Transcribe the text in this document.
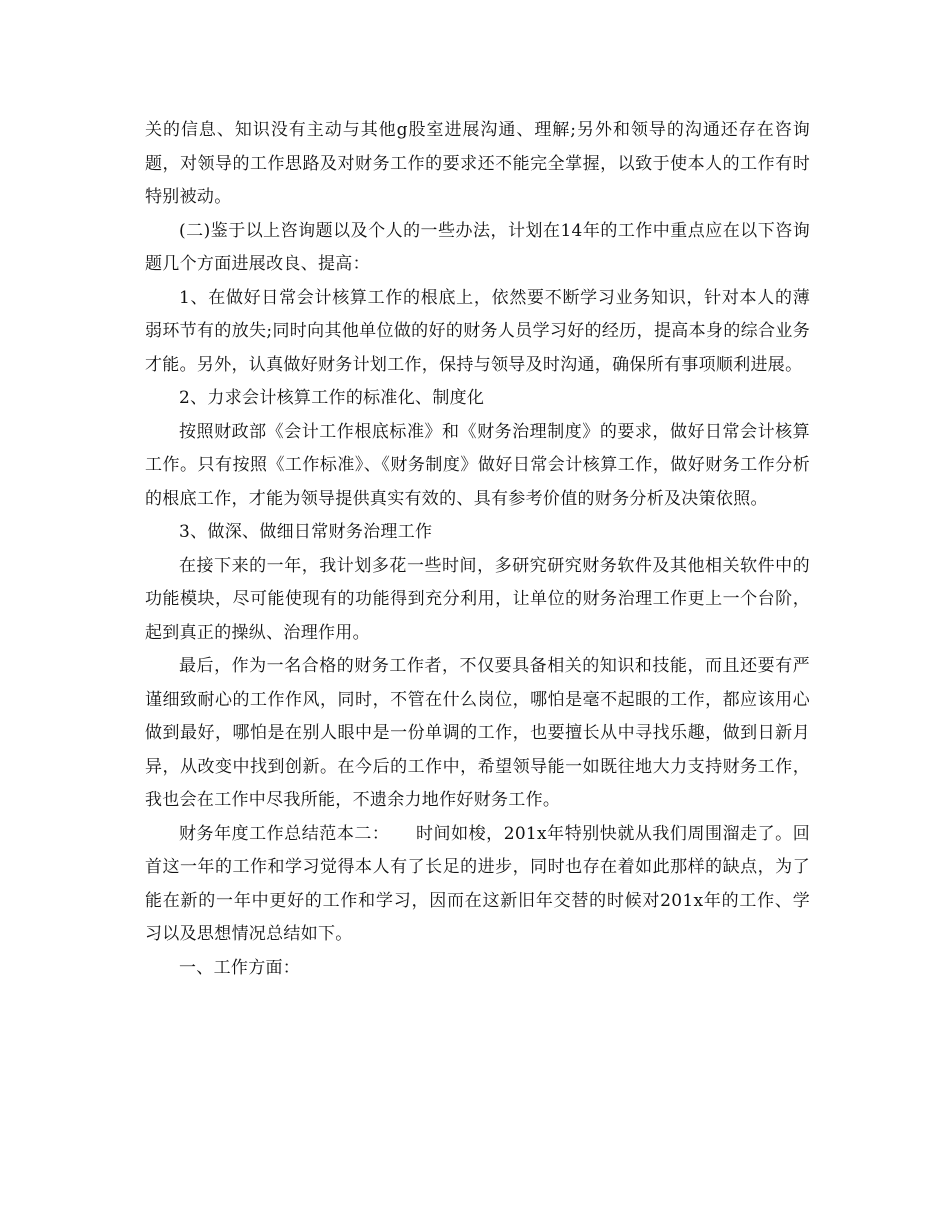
关的信息、知识没有主动与其他g股室进展沟通、理解;另外和领导的沟通还存在咨询题，对领导的工作思路及对财务工作的要求还不能完全掌握，以致于使本人的工作有时特别被动。

(二)鉴于以上咨询题以及个人的一些办法，计划在14年的工作中重点应在以下咨询题几个方面进展改良、提高：

1、在做好日常会计核算工作的根底上，依然要不断学习业务知识，针对本人的薄弱环节有的放失;同时向其他单位做的好的财务人员学习好的经历，提高本身的综合业务才能。另外，认真做好财务计划工作，保持与领导及时沟通，确保所有事项顺利进展。

2、力求会计核算工作的标准化、制度化

按照财政部《会计工作根底标准》和《财务治理制度》的要求，做好日常会计核算工作。只有按照《工作标准》、《财务制度》做好日常会计核算工作，做好财务工作分析的根底工作，才能为领导提供真实有效的、具有参考价值的财务分析及决策依照。

3、做深、做细日常财务治理工作

在接下来的一年，我计划多花一些时间，多研究研究财务软件及其他相关软件中的功能模块，尽可能使现有的功能得到充分利用，让单位的财务治理工作更上一个台阶，起到真正的操纵、治理作用。

最后，作为一名合格的财务工作者，不仅要具备相关的知识和技能，而且还要有严谨细致耐心的工作作风，同时，不管在什么岗位，哪怕是毫不起眼的工作，都应该用心做到最好，哪怕是在别人眼中是一份单调的工作，也要擅长从中寻找乐趣，做到日新月异，从改变中找到创新。在今后的工作中，希望领导能一如既往地大力支持财务工作，我也会在工作中尽我所能，不遗余力地作好财务工作。

财务年度工作总结范本二：　　时间如梭，201x年特别快就从我们周围溜走了。回首这一年的工作和学习觉得本人有了长足的进步，同时也存在着如此那样的缺点，为了能在新的一年中更好的工作和学习，因而在这新旧年交替的时候对201x年的工作、学习以及思想情况总结如下。

一、工作方面：
